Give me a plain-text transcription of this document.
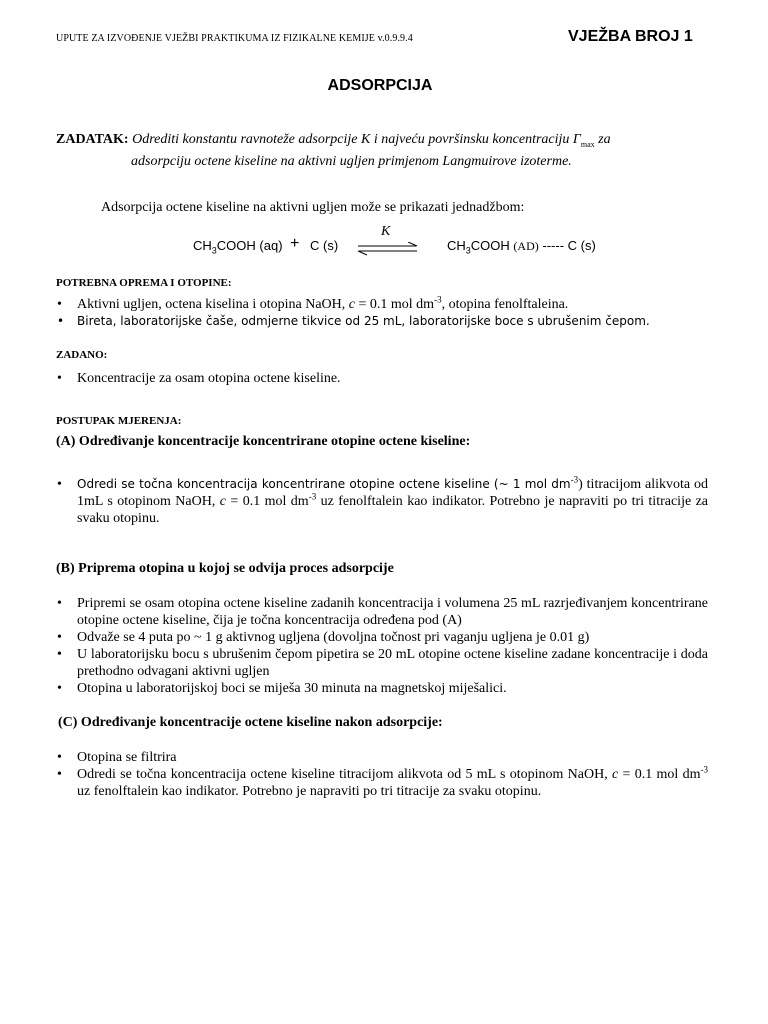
UPUTE ZA IZVOĐENJE VJEŽBI PRAKTIKUMA IZ FIZIKALNE KEMIJE v.0.9.9.4	VJEŽBA BROJ 1
ADSORPCIJA
ZADATAK: Odrediti konstantu ravnoteže adsorpcije K i najveću površinsku koncentraciju $\Gamma_{max}$ za
adsorpciju octene kiseline na aktivni ugljen primjenom Langmuirove izoterme.
Adsorpcija octene kiseline na aktivni ugljen može se prikazati jednadžbom:
$CH_3COOH$ (aq) + C (s)
K
$CH_3COOH$ (AD) ----- C (s)
POTREBNA OPREMA I OTOPINE:
• Aktivni ugljen, octena kiselina i otopina NaOH, c = 0.1 mol $dm^{-3}$, otopina fenolftaleina.
• Bireta, laboratorijske čaše, odmjerne tikvice od 25 mL, laboratorijske boce s ubrušenim čepom.
ZADANO:
• Koncentracije za osam otopina octene kiseline.
POSTUPAK MJERENJA:
(A) Određivanje koncentracije koncentrirane otopine octene kiseline:
• Odredi se točna koncentracija koncentrirane otopine octene kiseline (~ 1 mol $dm^{-3}$) titracijom alikvota od 1mL s otopinom NaOH, c = 0.1 mol $dm^{-3}$ uz fenolftalein kao indikator. Potrebno je napraviti po tri titracije za svaku otopinu.
(B) Priprema otopina u kojoj se odvija proces adsorpcije
• Pripremi se osam otopina octene kiseline zadanih koncentracija i volumena 25 mL razrjeđivanjem koncentrirane otopine octene kiseline, čija je točna koncentracija određena pod (A)
• Odvaže se 4 puta po ~ 1 g aktivnog ugljena (dovoljna točnost pri vaganju ugljena je 0.01 g)
• U laboratorijsku bocu s ubrušenim čepom pipetira se 20 mL otopine octene kiseline zadane koncentracije i doda prethodno odvagani aktivni ugljen
• Otopina u laboratorijskoj boci se miješa 30 minuta na magnetskoj miješalici.
(C) Određivanje koncentracije octene kiseline nakon adsorpcije:
• Otopina se filtrira
• Odredi se točna koncentracija octene kiseline titracijom alikvota od 5 mL s otopinom NaOH, c = 0.1 mol $dm^{-3}$ uz fenolftalein kao indikator. Potrebno je napraviti po tri titracije za svaku otopinu.
